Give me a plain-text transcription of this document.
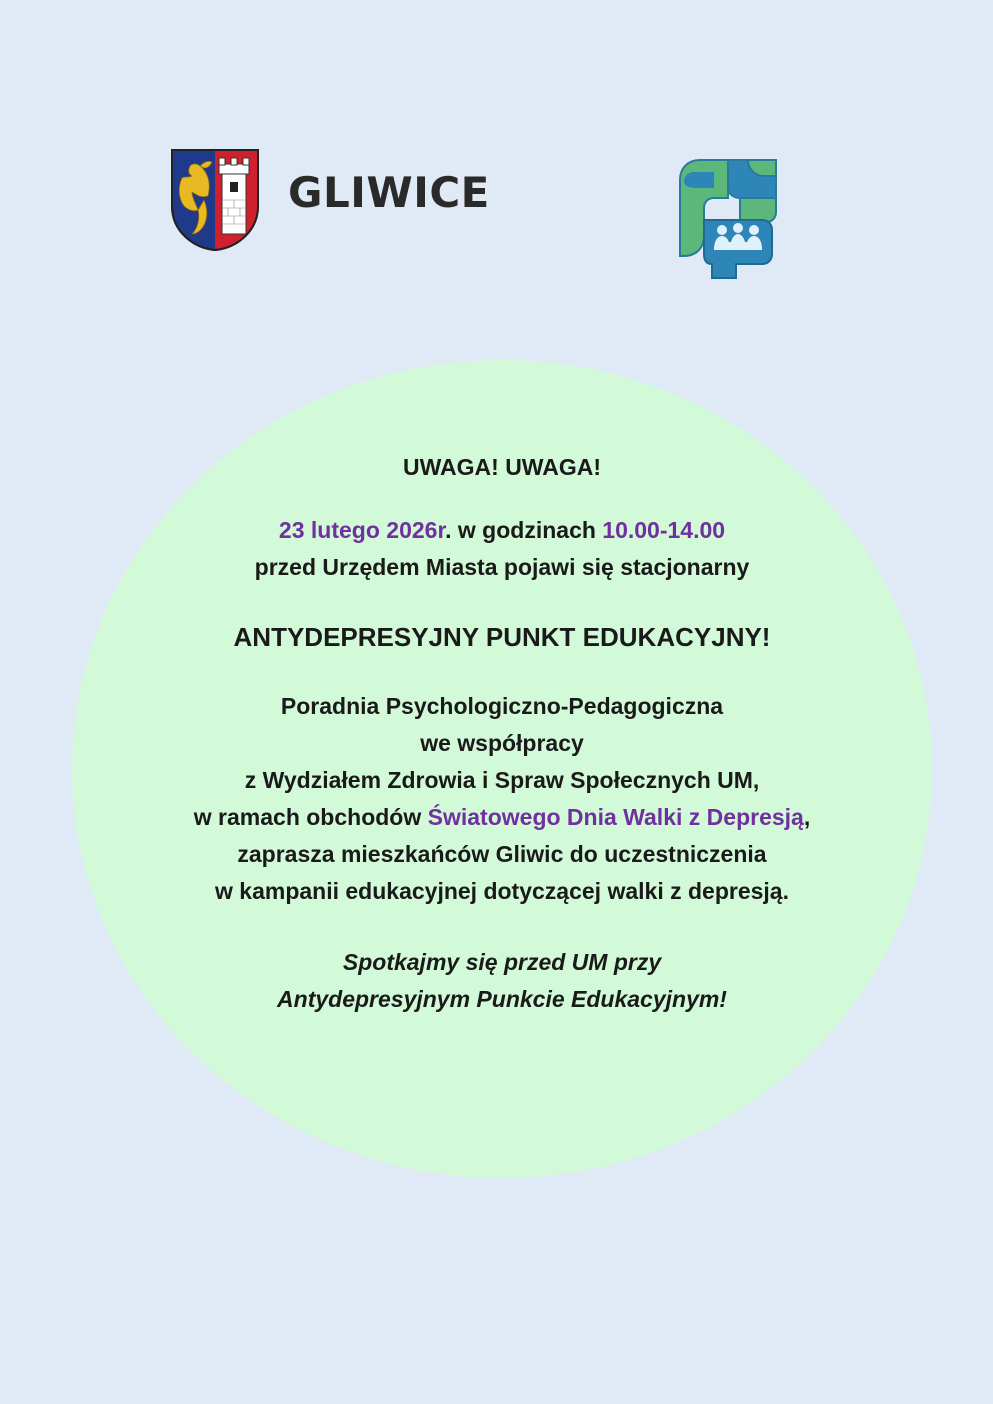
GLIWICE
UWAGA! UWAGA!
23 lutego 2026r. w godzinach 10.00-14.00
przed Urzędem Miasta pojawi się stacjonarny
ANTYDEPRESYJNY PUNKT EDUKACYJNY!
Poradnia Psychologiczno-Pedagogiczna
we współpracy
z Wydziałem Zdrowia i Spraw Społecznych UM,
w ramach obchodów Światowego Dnia Walki z Depresją,
zaprasza mieszkańców Gliwic do uczestniczenia
w kampanii edukacyjnej dotyczącej walki z depresją.
Spotkajmy się przed UM przy
Antydepresyjnym Punkcie Edukacyjnym!
